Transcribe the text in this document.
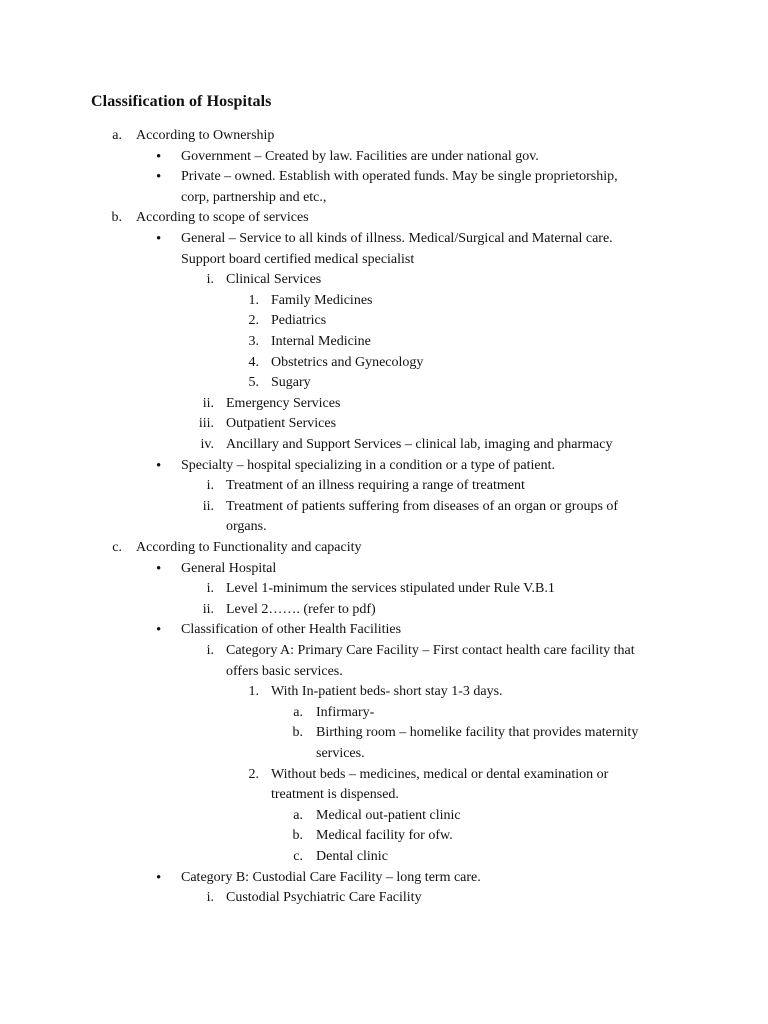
Classification of Hospitals
a. According to Ownership
• Government – Created by law. Facilities are under national gov.
• Private – owned. Establish with operated funds. May be single proprietorship,
corp, partnership and etc.,
b. According to scope of services
• General – Service to all kinds of illness. Medical/Surgical and Maternal care.
Support board certified medical specialist
i. Clinical Services
1. Family Medicines
2. Pediatrics
3. Internal Medicine
4. Obstetrics and Gynecology
5. Sugary
ii. Emergency Services
iii. Outpatient Services
iv. Ancillary and Support Services – clinical lab, imaging and pharmacy
• Specialty – hospital specializing in a condition or a type of patient.
i. Treatment of an illness requiring a range of treatment
ii. Treatment of patients suffering from diseases of an organ or groups of
organs.
c. According to Functionality and capacity
• General Hospital
i. Level 1-minimum the services stipulated under Rule V.B.1
ii. Level 2……. (refer to pdf)
• Classification of other Health Facilities
i. Category A: Primary Care Facility – First contact health care facility that
offers basic services.
1. With In-patient beds- short stay 1-3 days.
a. Infirmary-
b. Birthing room – homelike facility that provides maternity
services.
2. Without beds – medicines, medical or dental examination or
treatment is dispensed.
a. Medical out-patient clinic
b. Medical facility for ofw.
c. Dental clinic
• Category B: Custodial Care Facility – long term care.
i. Custodial Psychiatric Care Facility
